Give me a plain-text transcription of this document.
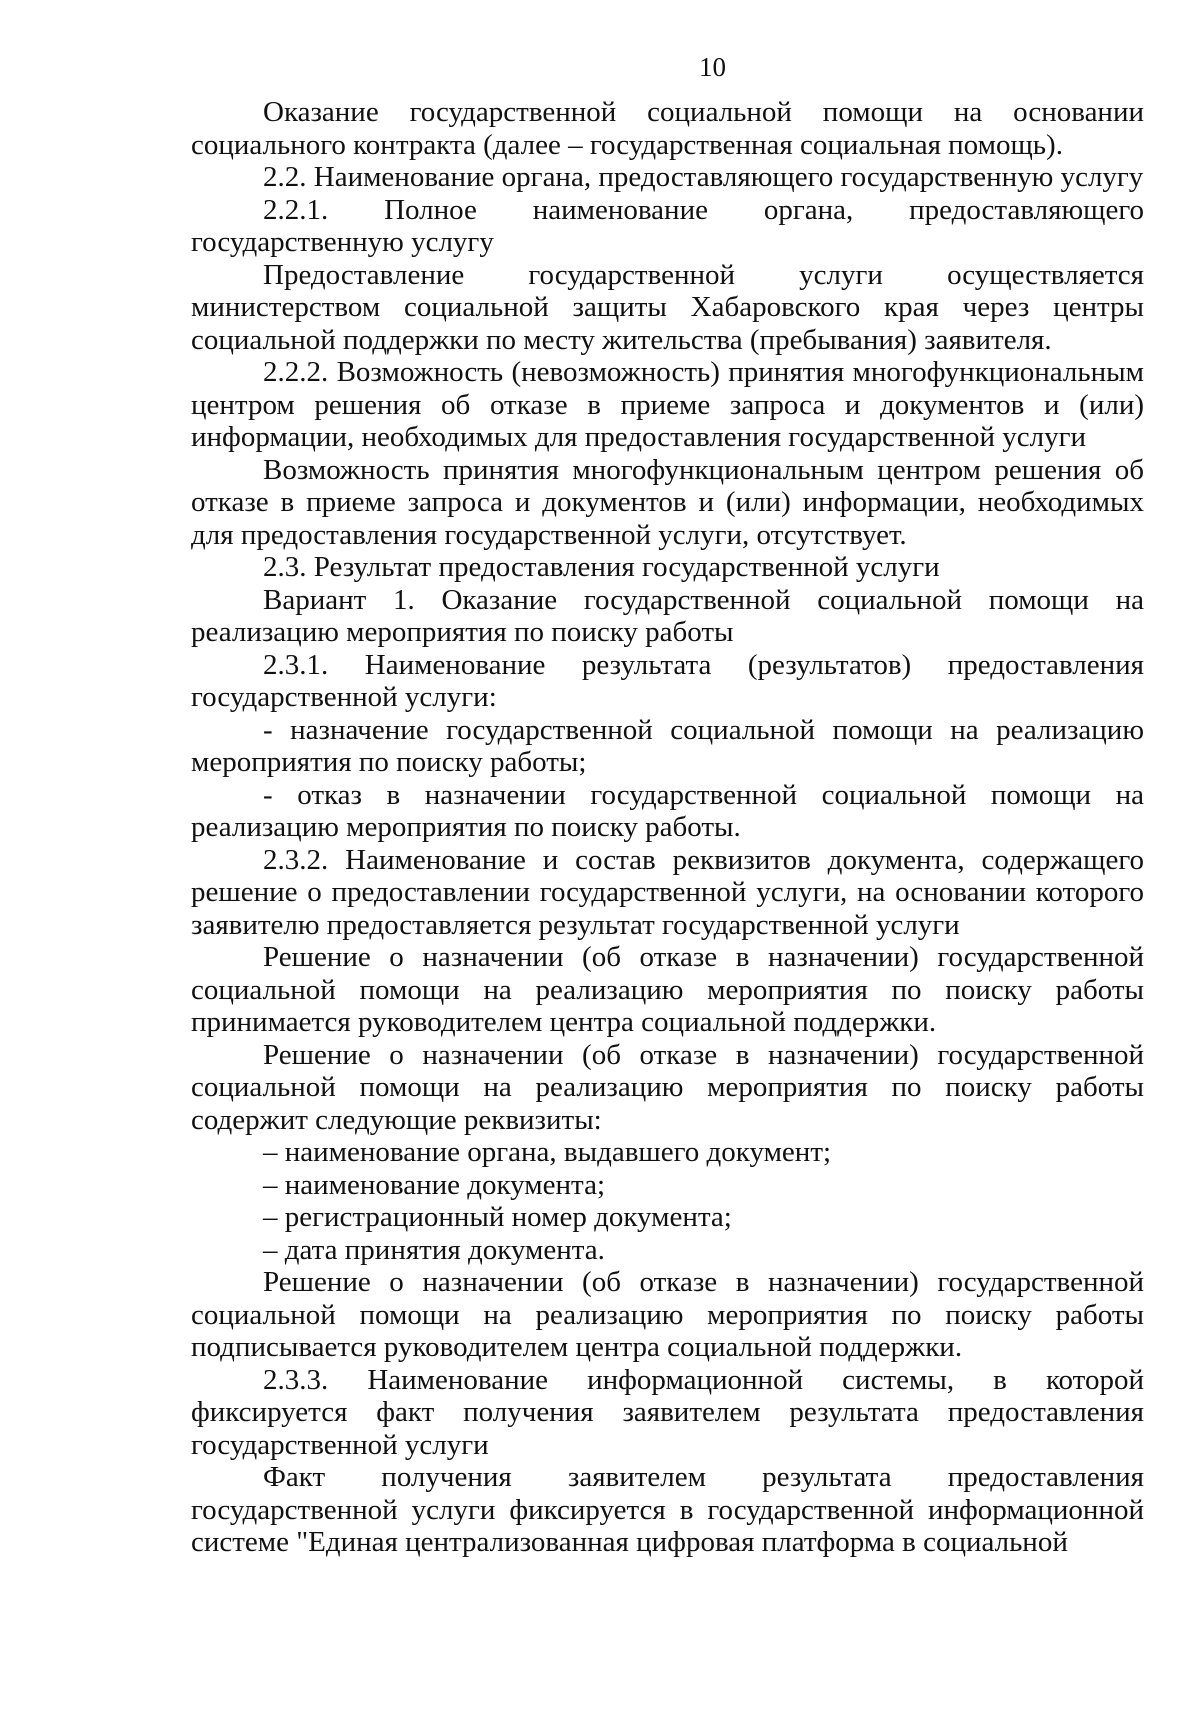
10

Оказание государственной социальной помощи на основании социального контракта (далее – государственная социальная помощь).

2.2. Наименование органа, предоставляющего государственную услугу

2.2.1. Полное наименование органа, предоставляющего государственную услугу

Предоставление государственной услуги осуществляется министерством социальной защиты Хабаровского края через центры социальной поддержки по месту жительства (пребывания) заявителя.

2.2.2. Возможность (невозможность) принятия многофункциональным центром решения об отказе в приеме запроса и документов и (или) информации, необходимых для предоставления государственной услуги

Возможность принятия многофункциональным центром решения об отказе в приеме запроса и документов и (или) информации, необходимых для предоставления государственной услуги, отсутствует.

2.3. Результат предоставления государственной услуги

Вариант 1. Оказание государственной социальной помощи на реализацию мероприятия по поиску работы

2.3.1. Наименование результата (результатов) предоставления государственной услуги:

- назначение государственной социальной помощи на реализацию мероприятия по поиску работы;

- отказ в назначении государственной социальной помощи на реализацию мероприятия по поиску работы.

2.3.2. Наименование и состав реквизитов документа, содержащего решение о предоставлении государственной услуги, на основании которого заявителю предоставляется результат государственной услуги

Решение о назначении (об отказе в назначении) государственной социальной помощи на реализацию мероприятия по поиску работы принимается руководителем центра социальной поддержки.

Решение о назначении (об отказе в назначении) государственной социальной помощи на реализацию мероприятия по поиску работы содержит следующие реквизиты:

– наименование органа, выдавшего документ;

– наименование документа;

– регистрационный номер документа;

– дата принятия документа.

Решение о назначении (об отказе в назначении) государственной социальной помощи на реализацию мероприятия по поиску работы подписывается руководителем центра социальной поддержки.

2.3.3. Наименование информационной системы, в которой фиксируется факт получения заявителем результата предоставления государственной услуги

Факт получения заявителем результата предоставления государственной услуги фиксируется в государственной информационной системе "Единая централизованная цифровая платформа в социальной
